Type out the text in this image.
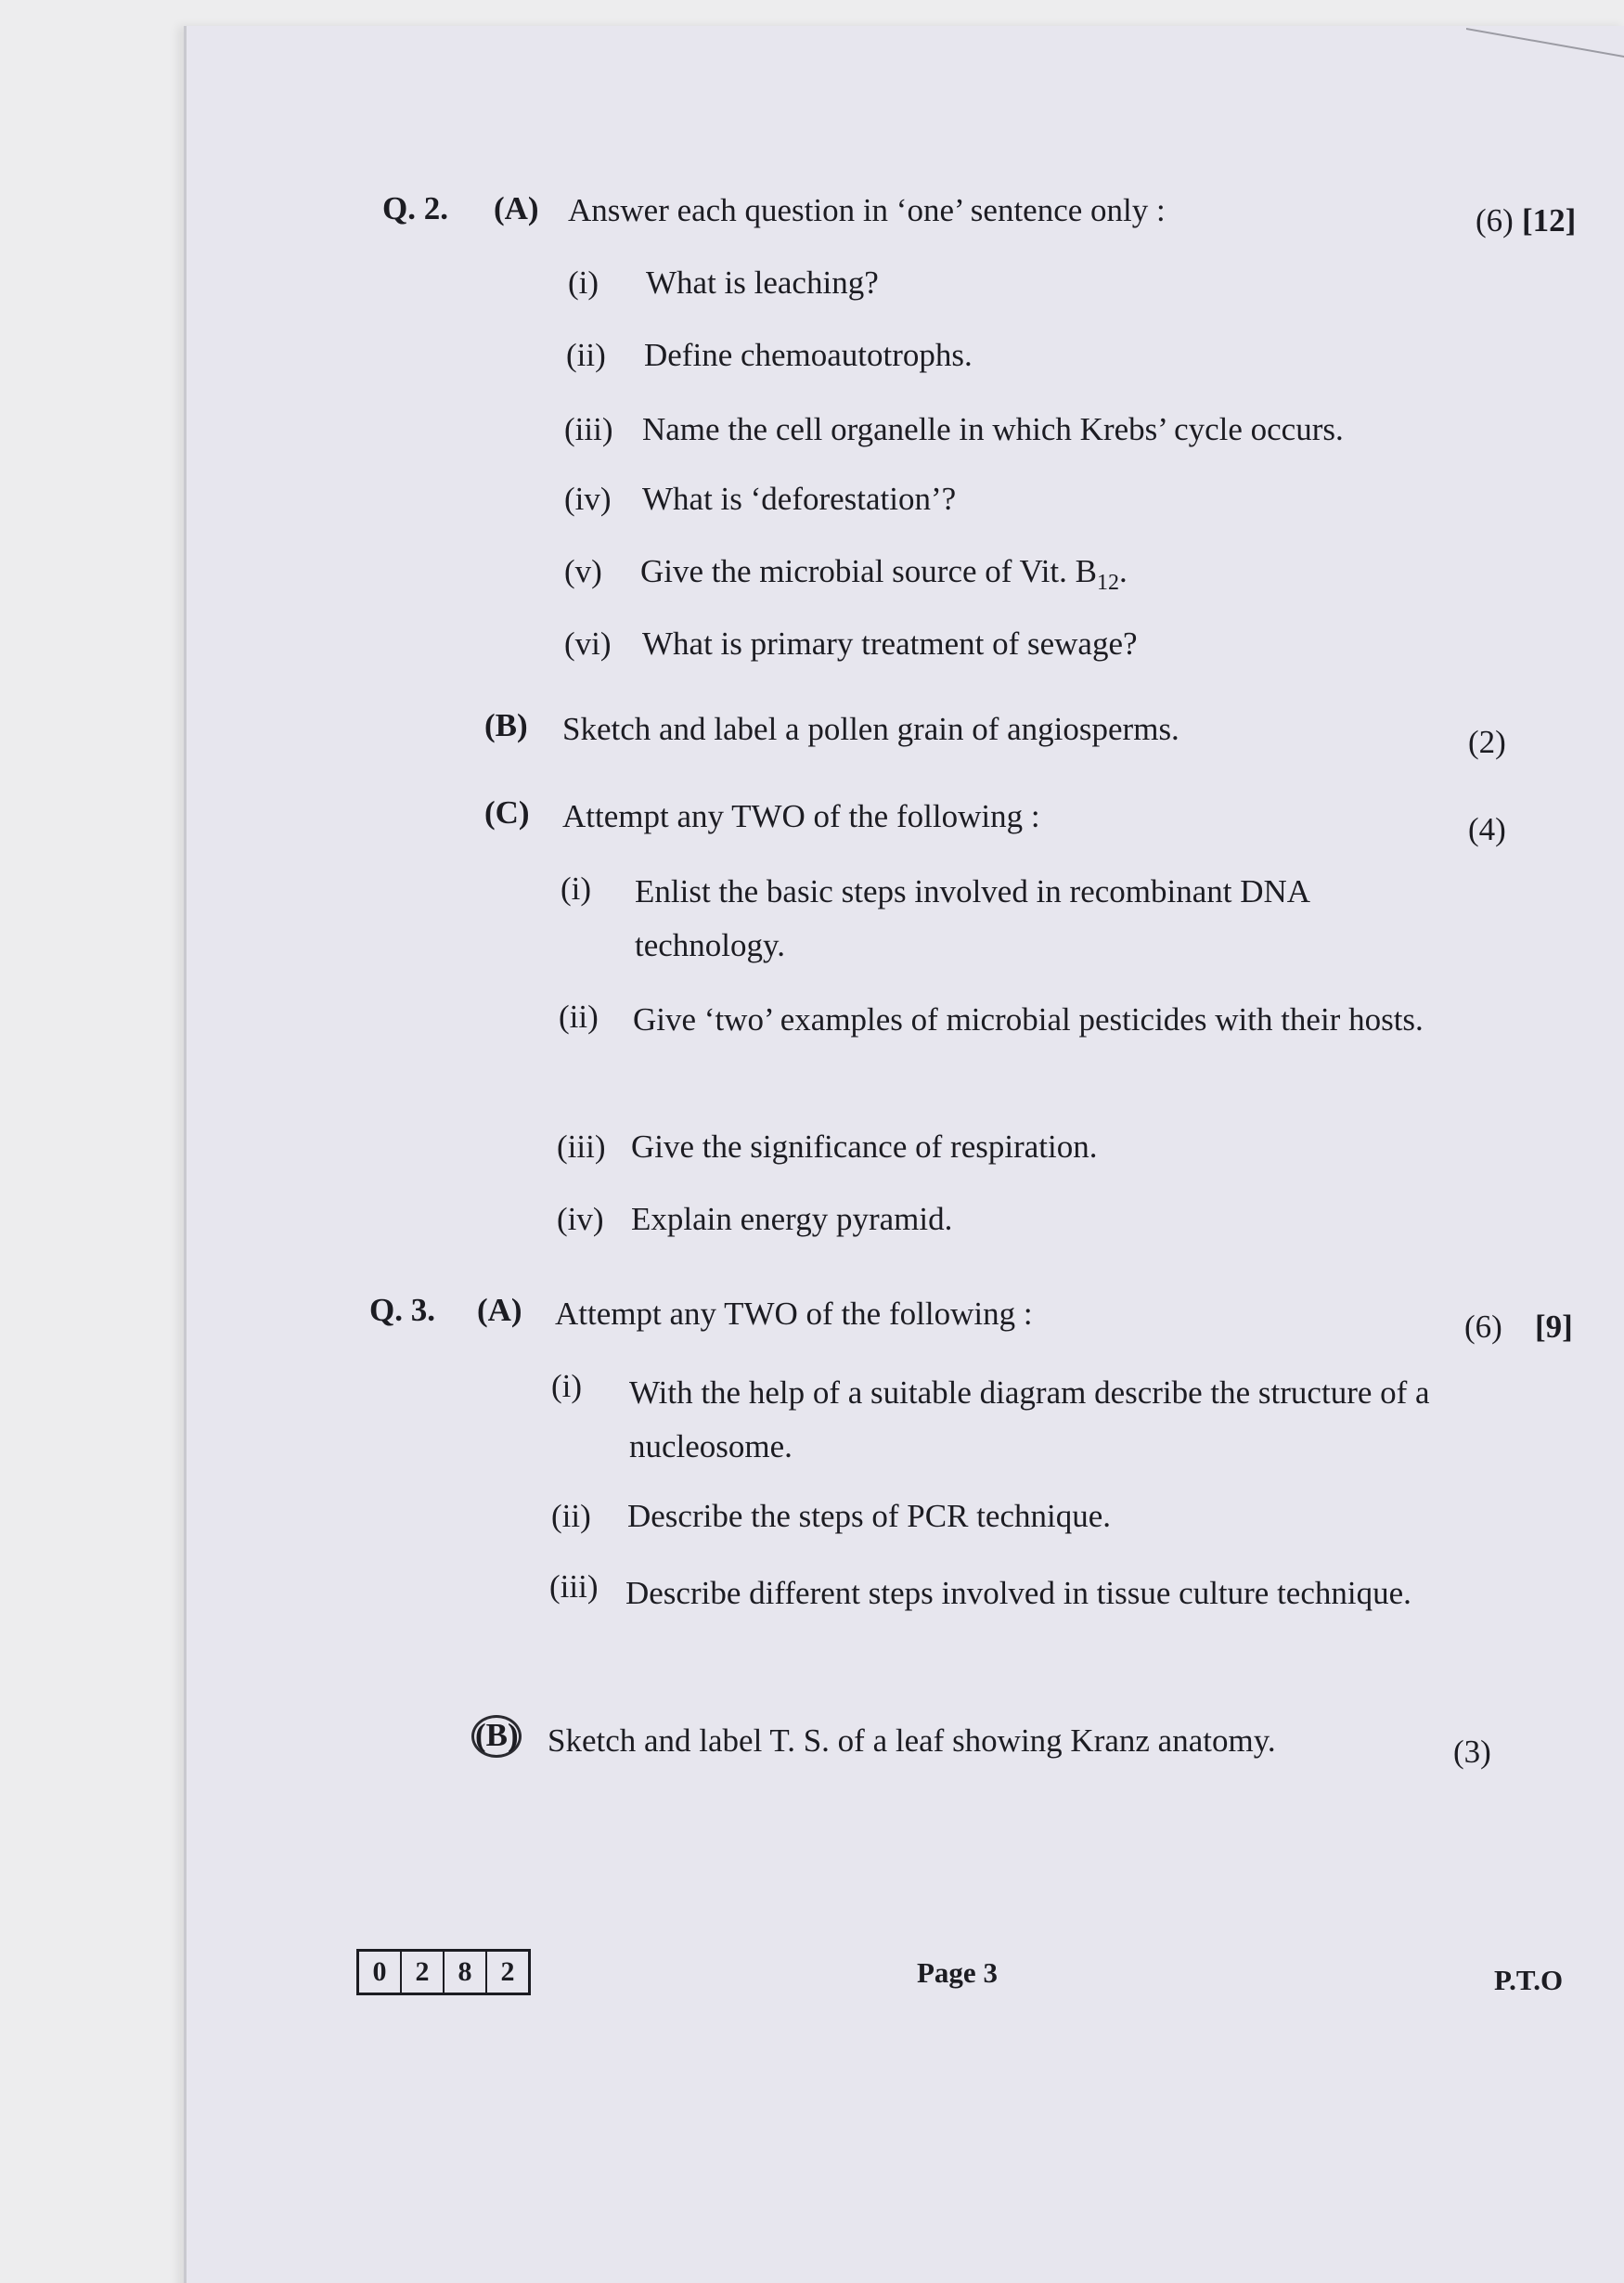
Q. 2. (A) Answer each question in ‘one’ sentence only :	(6) [12]
(i) What is leaching?
(ii) Define chemoautotrophs.
(iii) Name the cell organelle in which Krebs’ cycle occurs.
(iv) What is ‘deforestation’?
(v) Give the microbial source of Vit. $B_{12}$.
(vi) What is primary treatment of sewage?
(B) Sketch and label a pollen grain of angiosperms.	(2)
(C) Attempt any TWO of the following :	(4)
(i) Enlist the basic steps involved in recombinant DNA technology.
(ii) Give ‘two’ examples of microbial pesticides with their hosts.
(iii) Give the significance of respiration.
(iv) Explain energy pyramid.
Q. 3. (A) Attempt any TWO of the following :	(6) [9]
(i) With the help of a suitable diagram describe the structure of a nucleosome.
(ii) Describe the steps of PCR technique.
(iii) Describe different steps involved in tissue culture technique.
(B) Sketch and label T. S. of a leaf showing Kranz anatomy.	(3)
0	2	8	2	Page 3	P.T.O
